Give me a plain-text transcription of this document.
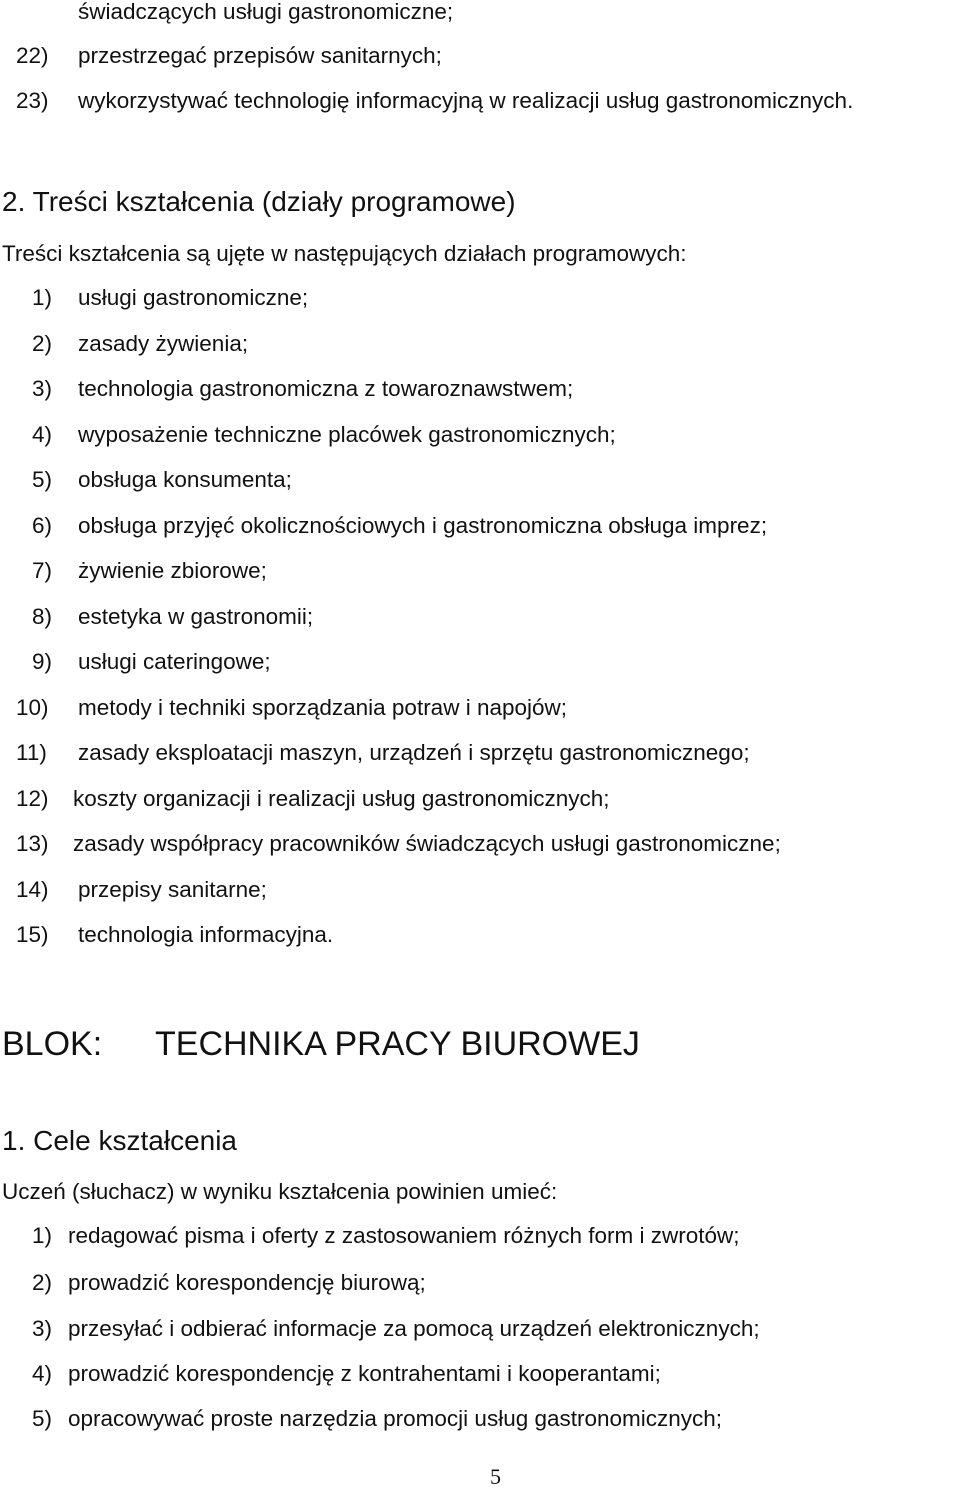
świadczących usługi gastronomiczne;
22) przestrzegać przepisów sanitarnych;
23) wykorzystywać technologię informacyjną w realizacji usług gastronomicznych.
2. Treści kształcenia (działy programowe)
Treści kształcenia są ujęte w następujących działach programowych:
1) usługi gastronomiczne;
2) zasady żywienia;
3) technologia gastronomiczna z towaroznawstwem;
4) wyposażenie techniczne placówek gastronomicznych;
5) obsługa konsumenta;
6) obsługa przyjęć okolicznościowych i gastronomiczna obsługa imprez;
7) żywienie zbiorowe;
8) estetyka w gastronomii;
9) usługi cateringowe;
10) metody i techniki sporządzania potraw i napojów;
11) zasady eksploatacji maszyn, urządzeń i sprzętu gastronomicznego;
12) koszty organizacji i realizacji usług gastronomicznych;
13) zasady współpracy pracowników świadczących usługi gastronomiczne;
14) przepisy sanitarne;
15) technologia informacyjna.
BLOK: TECHNIKA PRACY BIUROWEJ
1. Cele kształcenia
Uczeń (słuchacz) w wyniku kształcenia powinien umieć:
1) redagować pisma i oferty z zastosowaniem różnych form i zwrotów;
2) prowadzić korespondencję biurową;
3) przesyłać i odbierać informacje za pomocą urządzeń elektronicznych;
4) prowadzić korespondencję z kontrahentami i kooperantami;
5) opracowywać proste narzędzia promocji usług gastronomicznych;
5
